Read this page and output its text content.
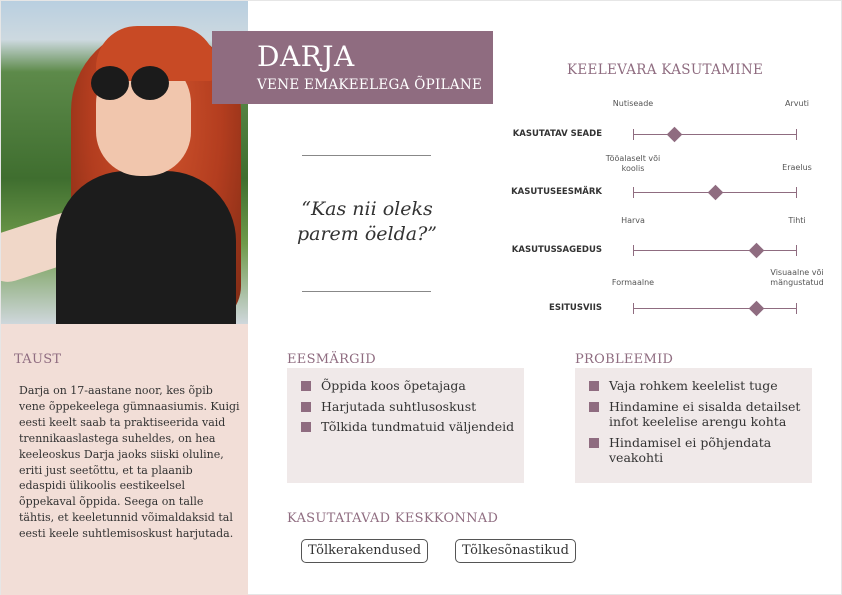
DARJA
VENE EMAKEELEGA ÕPILANE
“Kas nii oleks
parem öelda?”
KEELEVARA KASUTAMINE
Nutiseade	Arvuti
KASUTATAV SEADE
Tööalaselt või koolis	Eraelus
KASUTUSEESMÄRK
Harva	Tihti
KASUTUSSAGEDUS
Formaalne
Visuaalne või mängustatud
ESITUSVIIS
TAUST

Darja on 17-aastane noor, kes õpib vene õppekeelega gümnaasiumis. Kuigi eesti keelt saab ta praktiseerida vaid trennikaaslastega suheldes, on hea keeleoskus Darja jaoks siiski oluline, eriti just seetõttu, et ta plaanib edaspidi ülikoolis eestikeelsel õppekaval õppida. Seega on talle tähtis, et keeletunnid võimaldaksid tal eesti keele suhtlemisoskust harjutada.

EESMÄRGID
Õppida koos õpetajaga
Harjutada suhtlusoskust
Tõlkida tundmatuid väljendeid
PROBLEEMID
Vaja rohkem keelelist tuge
Hindamine ei sisalda detailset infot keelelise arengu kohta
Hindamisel ei põhjendata veakohti
KASUTATAVAD KESKKONNAD
Tõlkerakendused	Tõlkesõnastikud
